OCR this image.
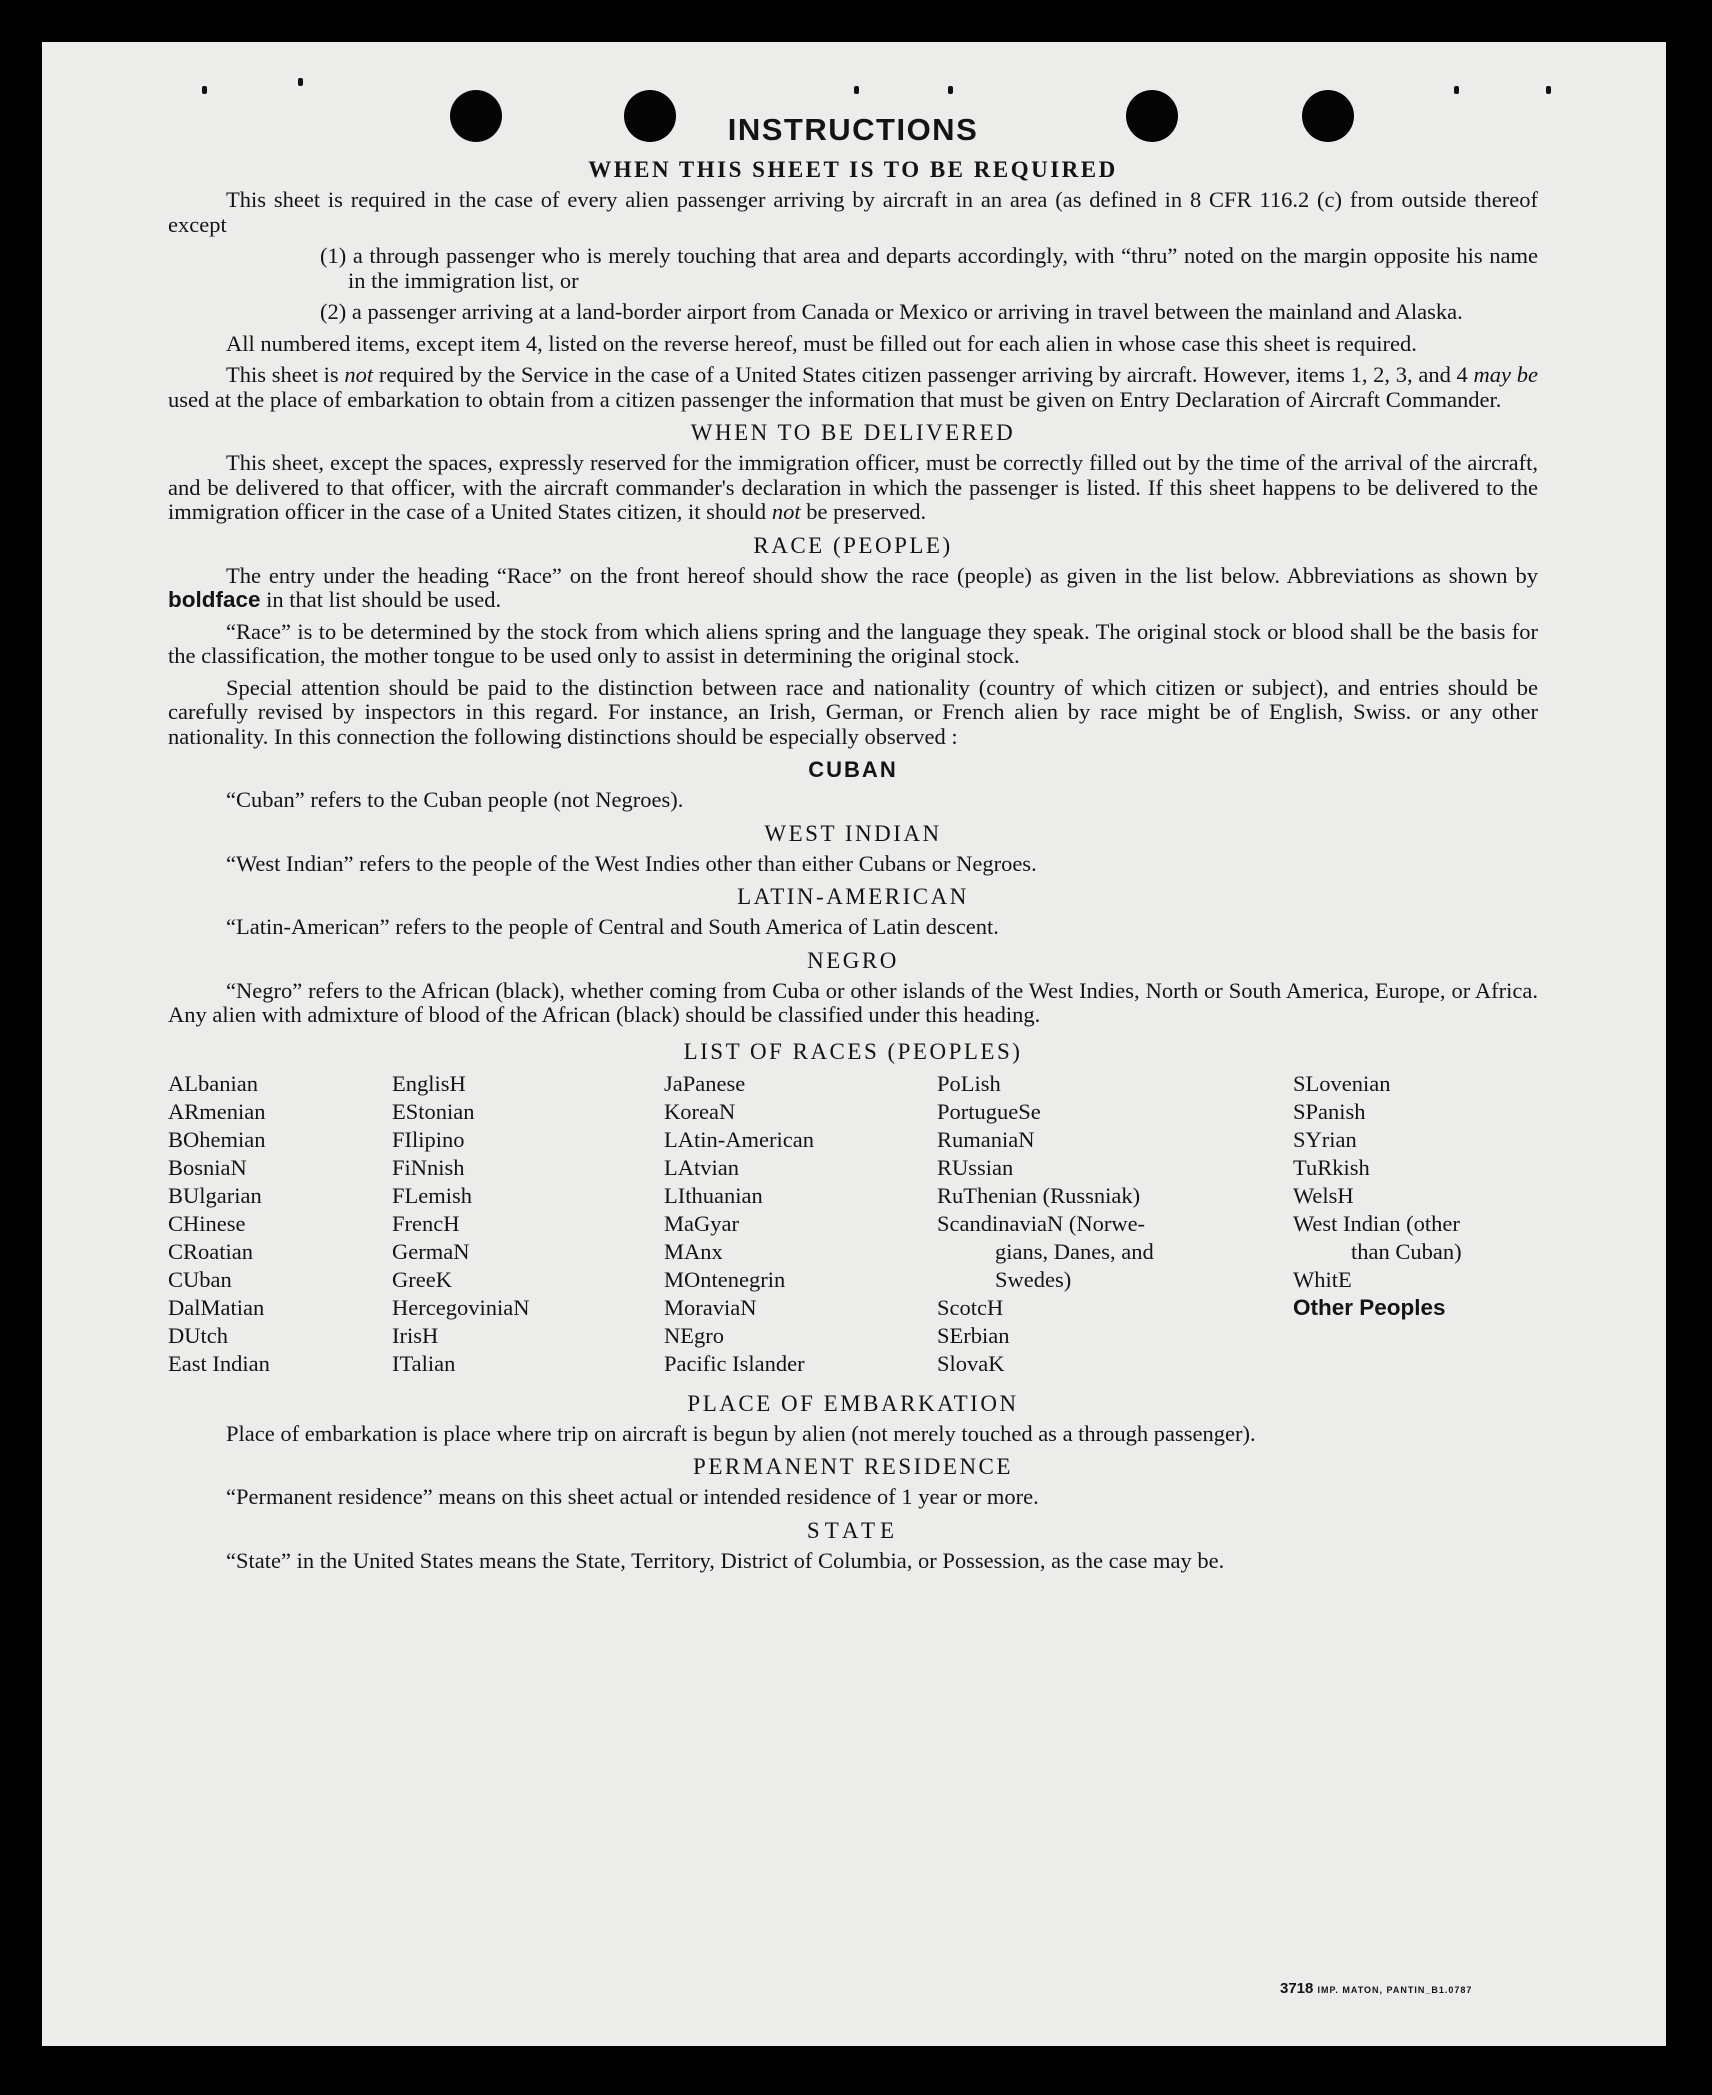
INSTRUCTIONS
WHEN THIS SHEET IS TO BE REQUIRED

This sheet is required in the case of every alien passenger arriving by aircraft in an area (as defined in 8 CFR 116.2 (c) from outside thereof except

(1) a through passenger who is merely touching that area and departs accordingly, with “thru” noted on the margin opposite his name in the immigration list, or

(2) a passenger arriving at a land-border airport from Canada or Mexico or arriving in travel between the mainland and Alaska.

All numbered items, except item 4, listed on the reverse hereof, must be filled out for each alien in whose case this sheet is required.

This sheet is not required by the Service in the case of a United States citizen passenger arriving by aircraft. However, items 1, 2, 3, and 4 may be used at the place of embarkation to obtain from a citizen passenger the information that must be given on Entry Declaration of Aircraft Commander.

WHEN TO BE DELIVERED

This sheet, except the spaces, expressly reserved for the immigration officer, must be correctly filled out by the time of the arrival of the aircraft, and be delivered to that officer, with the aircraft commander's declaration in which the passenger is listed. If this sheet happens to be delivered to the immigration officer in the case of a United States citizen, it should not be preserved.

RACE (PEOPLE)

The entry under the heading “Race” on the front hereof should show the race (people) as given in the list below. Abbreviations as shown by boldface in that list should be used.

“Race” is to be determined by the stock from which aliens spring and the language they speak. The original stock or blood shall be the basis for the classification, the mother tongue to be used only to assist in determining the original stock.

Special attention should be paid to the distinction between race and nationality (country of which citizen or subject), and entries should be carefully revised by inspectors in this regard. For instance, an Irish, German, or French alien by race might be of English, Swiss. or any other nationality. In this connection the following distinctions should be especially observed :

CUBAN

“Cuban” refers to the Cuban people (not Negroes).

WEST INDIAN

“West Indian” refers to the people of the West Indies other than either Cubans or Negroes.

LATIN-AMERICAN

“Latin-American” refers to the people of Central and South America of Latin descent.

NEGRO

“Negro” refers to the African (black), whether coming from Cuba or other islands of the West Indies, North or South America, Europe, or Africa. Any alien with admixture of blood of the African (black) should be classified under this heading.

LIST OF RACES (PEOPLES)
ALbanian
ARmenian
BOhemian
BosniaN
BUlgarian
CHinese
CRoatian
CUban
DalMatian
DUtch
East Indian
EnglisH
EStonian
FIlipino
FiNnish
FLemish
FrencH
GermaN
GreeK
HercegoviniaN
IrisH
ITalian
JaPanese
KoreaN
LAtin-American
LAtvian
LIthuanian
MaGyar
MAnx
MOntenegrin
MoraviaN
NEgro
Pacific Islander
PoLish
PortugueSe
RumaniaN
RUssian
RuThenian (Russniak)
ScandinaviaN (Norwe-
gians, Danes, and
Swedes)
ScotcH
SErbian
SlovaK
SLovenian
SPanish
SYrian
TuRkish
WelsH
West Indian (other
than Cuban)
WhitE
Other Peoples
PLACE OF EMBARKATION

Place of embarkation is place where trip on aircraft is begun by alien (not merely touched as a through passenger).

PERMANENT RESIDENCE

“Permanent residence” means on this sheet actual or intended residence of 1 year or more.

STATE

“State” in the United States means the State, Territory, District of Columbia, or Possession, as the case may be.

3718 IMP. MATON, PANTIN_B1.0787
